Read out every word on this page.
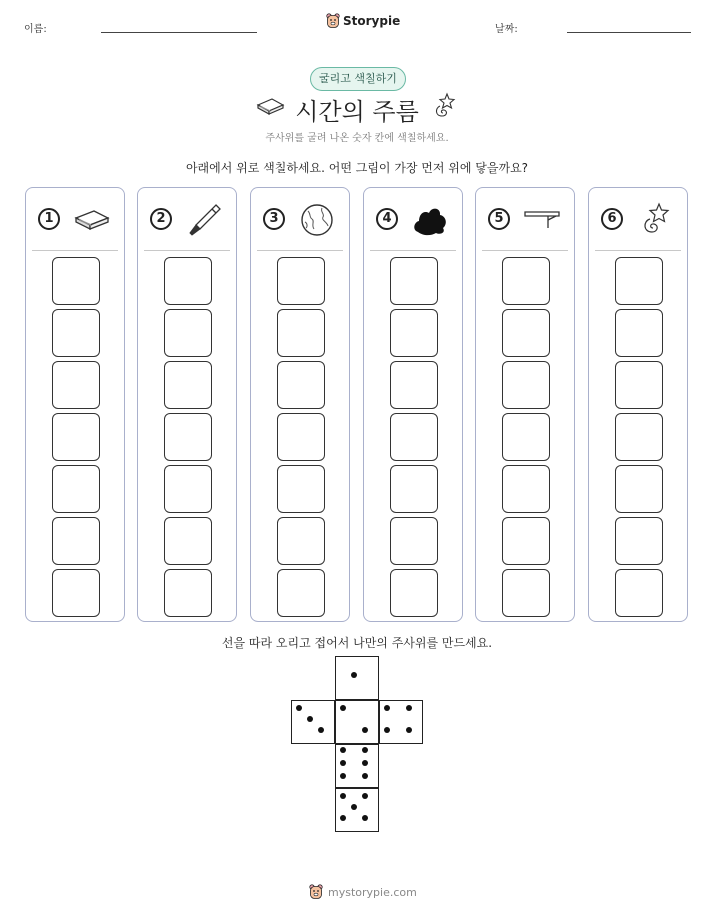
이름:
Storypie
날짜:
굴리고 색칠하기
시간의 주름
주사위를 굴려 나온 숫자 칸에 색칠하세요.
아래에서 위로 색칠하세요. 어떤 그림이 가장 먼저 위에 닿을까요?
1	2	3	4	5	6
선을 따라 오리고 접어서 나만의 주사위를 만드세요.
mystorypie.com
